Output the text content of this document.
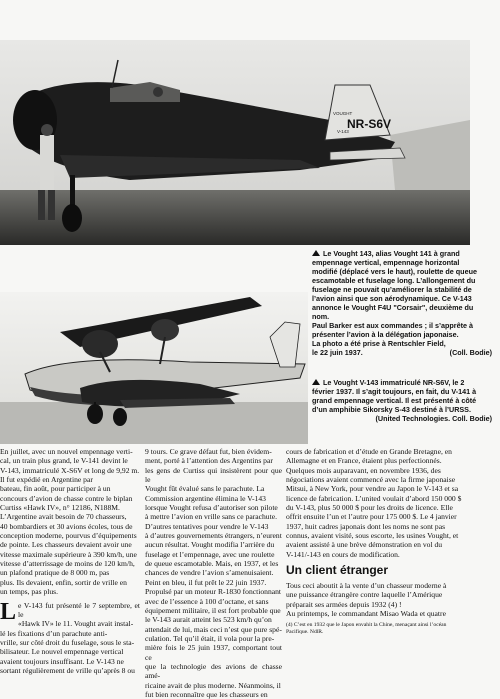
VOUGHT
V-143
NR-S6V
Le Vought 143, alias Vought 141 à grand
empennage vertical, empennage horizontal
modifié (déplacé vers le haut), roulette de queue
escamotable et fuselage long. L’allongement du
fuselage ne pouvait qu’améliorer la stabilité de
l’avion ainsi que son aérodynamique. Ce V-143
annonce le Vought F4U "Corsair", deuxième du
nom.
Paul Barker est aux commandes ; il s’apprête à
présenter l’avion à la délégation japonaise.
La photo a été prise à Rentschler Field,
le 22 juin 1937.	(Coll. Bodie)
Le Vought V-143 immatriculé NR-S6V, le 2
février 1937. Il s’agit toujours, en fait, du V-141 à
grand empennage vertical. Il est présenté à côté
d’un amphibie Sikorsky S-43 destiné à l’URSS.
(United Technologies. Coll. Bodie)

En juillet, avec un nouvel empennage verti-
cal, un train plus grand, le V-141 devint le
V-143, immatriculé X-S6V et long de 9,92 m.
Il fut expédié en Argentine par
bateau, fin août, pour participer à un
concours d’avion de chasse contre le biplan
Curtiss «Hawk IV», n° 12186, N188M.
L’Argentine avait besoin de 70 chasseurs,
40 bombardiers et 30 avions écoles, tous de
conception moderne, pourvus d’équipements
de pointe. Les chasseurs devaient avoir une
vitesse maximale supérieure à 390 km/h, une
vitesse d’atterrissage de moins de 120 km/h,
un plafond pratique de 8 000 m, pas
plus. Ils devaient, enfin, sortir de vrille en
un temps, pas plus.

L e V-143 fut présenté le 7 septembre, et le
«Hawk IV» le 11. Vought avait instal-
lé les fixations d’un parachute anti-
vrille, sur côté droit du fuselage, sous le sta-
bilisateur. Le nouvel empennage vertical
avaient toujours insuffisant. Le V-143 ne
sortant régulièrement de vrille qu’après 8 ou

9 tours. Ce grave défaut fut, bien évidem-
ment, porté à l’attention des Argentins par
les gens de Curtiss qui insistèrent pour que le
Vought fût évalué sans le parachute. La
Commission argentine élimina le V-143
lorsque Vought refusa d’autoriser son pilote
à mettre l’avion en vrille sans ce parachute.

D’autres tentatives pour vendre le V-143
à d’autres gouvernements étrangers, n’eurent
aucun résultat. Vought modifia l’arrière du
fuselage et l’empennage, avec une roulette
de queue escamotable. Mais, en 1937, et les
chances de vendre l’avion s’amenuisaient.

Peint en bleu, il fut prêt le 22 juin 1937.
Propulsé par un moteur R-1830 fonctionnant
avec de l’essence à 100 d’octane, et sans
équipement militaire, il est fort probable que
le V-143 aurait atteint les 523 km/h qu’on
attendait de lui, mais ceci n’est que pure spé-
culation. Tel qu’il était, il vola pour la pre-
mière fois le 25 juin 1937, comportant tout ce
que la technologie des avions de chasse amé-
ricaine avait de plus moderne. Néanmoins, il
fut bien reconnaître que les chasseurs en

cours de fabrication et d’étude en Grande Bretagne, en
Allemagne et en France, étaient plus perfectionnés.

Quelques mois auparavant, en novembre 1936, des
négociations avaient commencé avec la firme japonaise
Mitsui, à New York, pour vendre au Japon le V-143 et sa
licence de fabrication. L’united voulait d’abord 150 000 $
du V-143, plus 50 000 $ pour les droits de licence. Elle
offrit ensuite l’un et l’autre pour 175 000 $. Le 4 janvier
1937, huit cadres japonais dont les noms ne sont pas
connus, avaient visité, sous escorte, les usines Vought, et
avaient assisté à une brève démonstration en vol du
V-141/-143 en cours de modification.

Un client étranger

Tous ceci aboutit à la vente d’un chasseur moderne à
une puissance étrangère contre laquelle l’Amérique
préparait ses armées depuis 1932 (4) !
Au printemps, le commandant Misao Wada et quatre

(4) C’est en 1932 que le Japon envahit la Chine, menaçant ainsi l’océan
Pacifique. NdlR.
